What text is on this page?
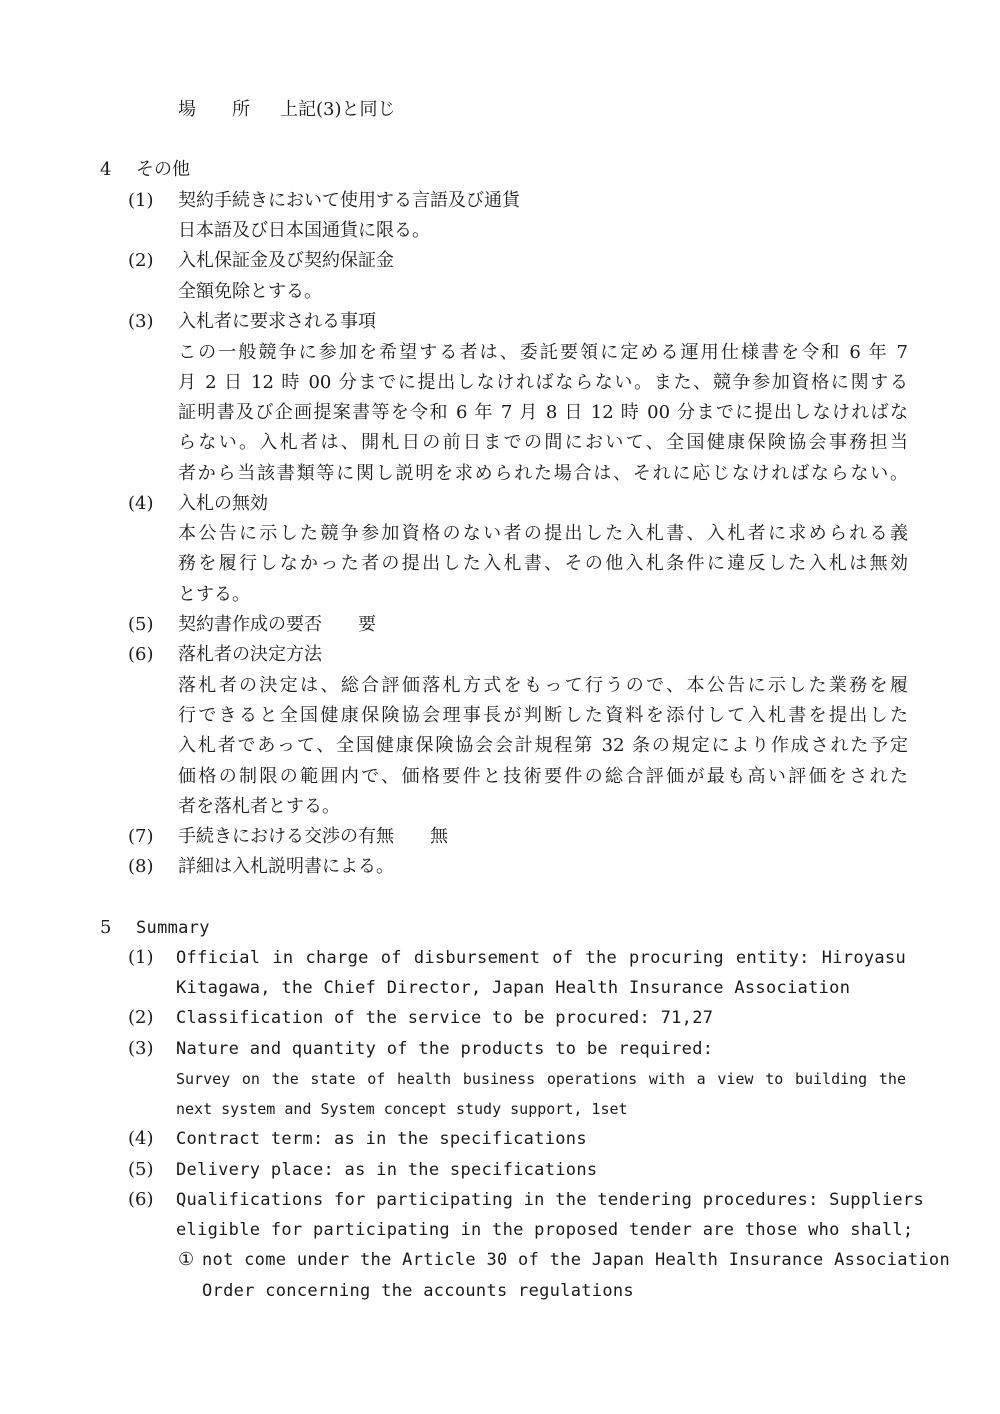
場　　所 上記(3)と同じ
4 その他
(1) 契約手続きにおいて使用する言語及び通貨
日本語及び日本国通貨に限る。
(2) 入札保証金及び契約保証金
全額免除とする。
(3) 入札者に要求される事項
この一般競争に参加を希望する者は、委託要領に定める運用仕様書を令和 6 年 7
月 2 日 12 時 00 分までに提出しなければならない。また、競争参加資格に関する
証明書及び企画提案書等を令和 6 年 7 月 8 日 12 時 00 分までに提出しなければな
らない。入札者は、開札日の前日までの間において、全国健康保険協会事務担当
者から当該書類等に関し説明を求められた場合は、それに応じなければならない。
(4) 入札の無効
本公告に示した競争参加資格のない者の提出した入札書、入札者に求められる義
務を履行しなかった者の提出した入札書、その他入札条件に違反した入札は無効
とする。
(5) 契約書作成の要否　　要
(6) 落札者の決定方法
落札者の決定は、総合評価落札方式をもって行うので、本公告に示した業務を履
行できると全国健康保険協会理事長が判断した資料を添付して入札書を提出した
入札者であって、全国健康保険協会会計規程第 32 条の規定により作成された予定
価格の制限の範囲内で、価格要件と技術要件の総合評価が最も高い評価をされた
者を落札者とする。
(7) 手続きにおける交渉の有無　　無
(8) 詳細は入札説明書による。
5 Summary
(1) Official in charge of disbursement of the procuring entity: Hiroyasu
Kitagawa, the Chief Director, Japan Health Insurance Association
(2) Classification of the service to be procured: 71,27
(3) Nature and quantity of the products to be required:
Survey on the state of health business operations with a view to building the
next system and System concept study support, 1set
(4) Contract term: as in the specifications
(5) Delivery place: as in the specifications
(6) Qualifications for participating in the tendering procedures: Suppliers
eligible for participating in the proposed tender are those who shall;
① not come under the Article 30 of the Japan Health Insurance Association
Order concerning the accounts regulations
